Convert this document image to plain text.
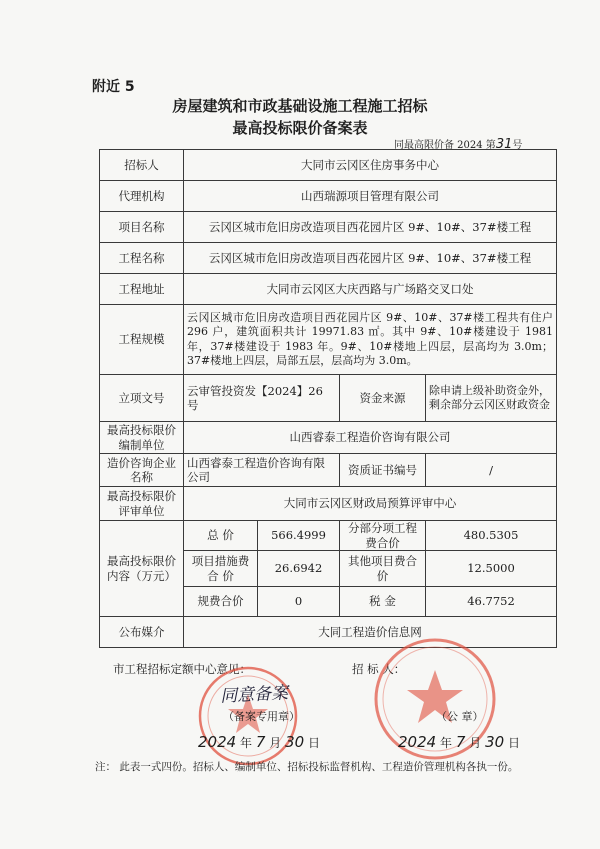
附近 5
房屋建筑和市政基础设施工程施工招标
最高投标限价备案表
同最高限价备 2024 第31号
招标人	大同市云冈区住房事务中心			
代理机构	山西瑞源项目管理有限公司			
项目名称	云冈区城市危旧房改造项目西花园片区 9#、10#、37#楼工程			
工程名称	云冈区城市危旧房改造项目西花园片区 9#、10#、37#楼工程			
工程地址	大同市云冈区大庆西路与广场路交叉口处			
工程规模	云冈区城市危旧房改造项目西花园片区 9#、10#、37#楼工程共有住户 296 户，建筑面积共计 19971.83 ㎡。其中 9#、10#楼建设于 1981 年，37#楼建设于 1983 年。9#、10#楼地上四层，层高均为 3.0m；37#楼地上四层，局部五层，层高均为 3.0m。			
立项文号	云审管投资发【2024】26 号		资金来源	除申请上级补助资金外，剩余部分云冈区财政资金
最高投标限价编制单位	山西睿泰工程造价咨询有限公司			
造价咨询企业名称	山西睿泰工程造价咨询有限公司		资质证书编号	/
最高投标限价评审单位	大同市云冈区财政局预算评审中心			
最高投标限价内容（万元）	总 价	566.4999	分部分项工程费合价	480.5305
	项目措施费合 价	26.6942	其他项目费合价	12.5000
	规费合价	0	税 金	46.7752
公布媒介	大同工程造价信息网			
市工程招标定额中心意见：	招 标 人：
同意备案
（备案专用章）
2024 年 7 月 30 日
（公 章）
2024 年 7 月 30 日
注： 此表一式四份。招标人、编制单位、招标投标监督机构、工程造价管理机构各执一份。
